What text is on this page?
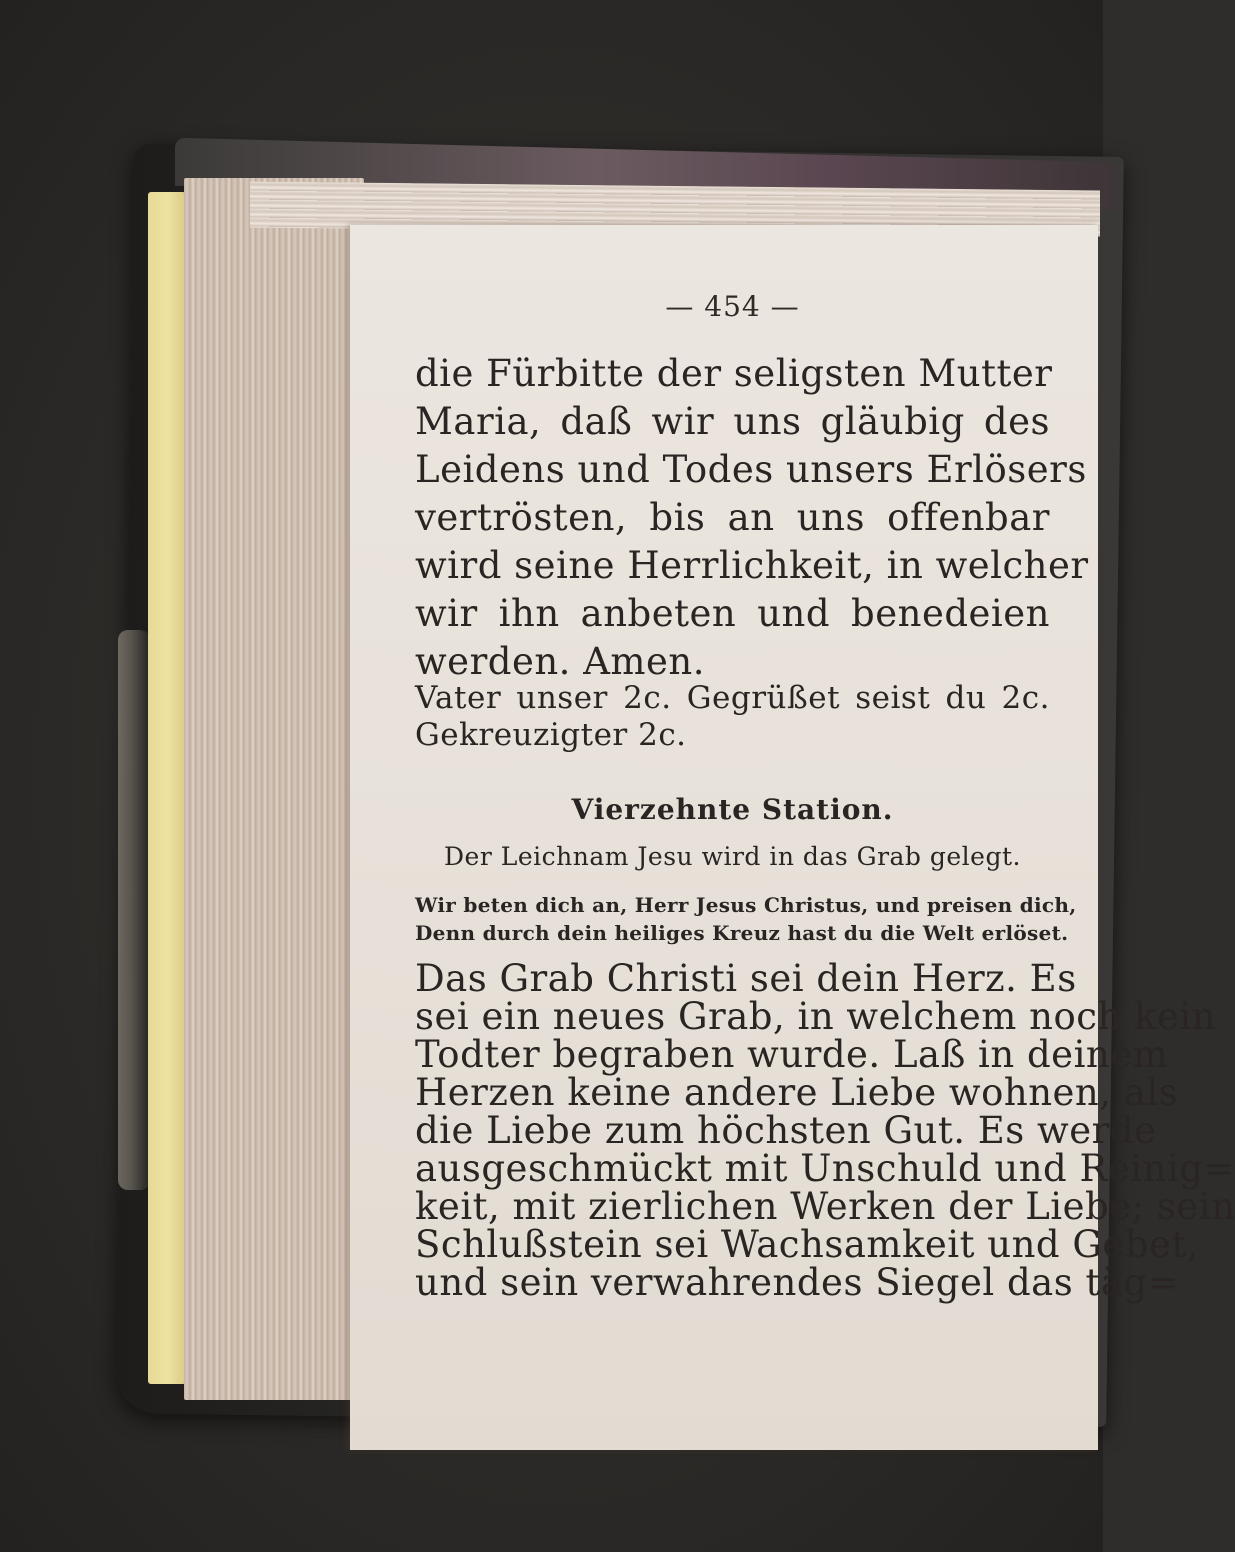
— 454 —
die Fürbitte der seligsten Mutter
Maria, daß wir uns gläubig des
Leidens und Todes unsers Erlösers
vertrösten, bis an uns offenbar
wird seine Herrlichkeit, in welcher
wir ihn anbeten und benedeien
werden. Amen.
Vater unser 2c. Gegrüßet seist du 2c.
Gekreuzigter 2c.
Vierzehnte Station.
Der Leichnam Jesu wird in das Grab gelegt.
Wir beten dich an, Herr Jesus Christus, und preisen dich,
Denn durch dein heiliges Kreuz hast du die Welt erlöset.
Das Grab Christi sei dein Herz. Es
sei ein neues Grab, in welchem noch kein
Todter begraben wurde. Laß in deinem
Herzen keine andere Liebe wohnen, als
die Liebe zum höchsten Gut. Es werde
ausgeschmückt mit Unschuld und Reinig=
keit, mit zierlichen Werken der Liebe; sein
Schlußstein sei Wachsamkeit und Gebet,
und sein verwahrendes Siegel das täg=
